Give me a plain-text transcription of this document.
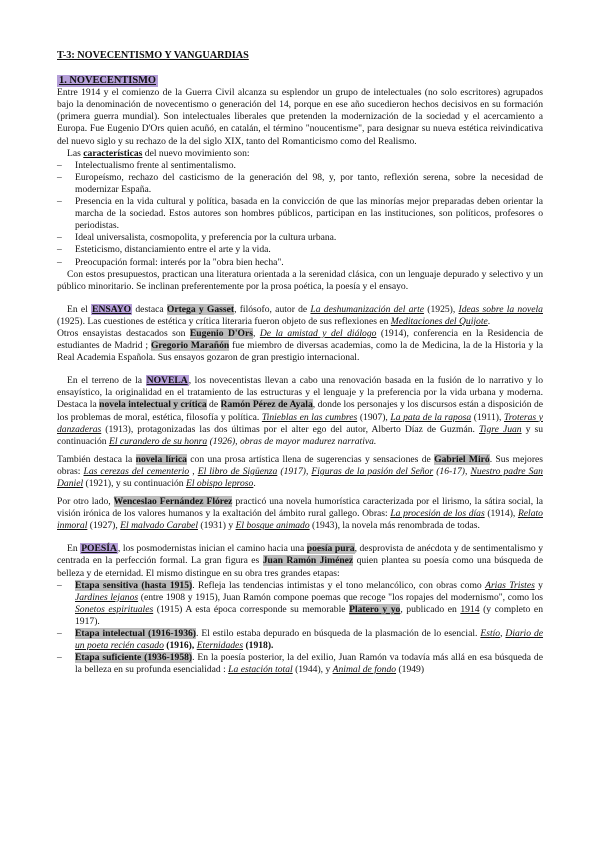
T-3: NOVECENTISMO Y VANGUARDIAS
1. NOVECENTISMO

Entre 1914 y el comienzo de la Guerra Civil alcanza su esplendor un grupo de intelectuales (no solo escritores) agrupados bajo la denominación de novecentismo o generación del 14, porque en ese año sucedieron hechos decisivos en su formación (primera guerra mundial). Son intelectuales liberales que pretenden la modernización de la sociedad y el acercamiento a Europa. Fue Eugenio D'Ors quien acuñó, en catalán, el término "noucentisme", para designar su nueva estética reivindicativa del nuevo siglo y su rechazo de la del siglo XIX, tanto del Romanticismo como del Realismo.

Las características del nuevo movimiento son:

–	Intelectualismo frente al sentimentalismo.
–	Europeísmo, rechazo del casticismo de la generación del 98, y, por tanto, reflexión serena, sobre la necesidad de modernizar España.
–	Presencia en la vida cultural y política, basada en la convicción de que las minorías mejor preparadas deben orientar la marcha de la sociedad. Estos autores son hombres públicos, participan en las instituciones, son políticos, profesores o periodistas.
–	Ideal universalista, cosmopolita, y preferencia por la cultura urbana.
–	Esteticismo, distanciamiento entre el arte y la vida.
–	Preocupación formal: interés por la "obra bien hecha".

Con estos presupuestos, practican una literatura orientada a la serenidad clásica, con un lenguaje depurado y selectivo y un público minoritario. Se inclinan preferentemente por la prosa poética, la poesía y el ensayo.

En el ENSAYO destaca Ortega y Gasset, filósofo, autor de La deshumanización del arte (1925), Ideas sobre la novela (1925). Las cuestiones de estética y crítica literaria fueron objeto de sus reflexiones en Meditaciones del Quijote.

Otros ensayistas destacados son Eugenio D'Ors, De la amistad y del diálogo (1914), conferencia en la Residencia de estudiantes de Madrid ; Gregorio Marañón fue miembro de diversas academias, como la de Medicina, la de la Historia y la Real Academia Española. Sus ensayos gozaron de gran prestigio internacional.

En el terreno de la NOVELA, los novecentistas llevan a cabo una renovación basada en la fusión de lo narrativo y lo ensayístico, la originalidad en el tratamiento de las estructuras y el lenguaje y la preferencia por la vida urbana y moderna. Destaca la novela intelectual y crítica de Ramón Pérez de Ayala, donde los personajes y los discursos están a disposición de los problemas de moral, estética, filosofía y política. Tinieblas en las cumbres (1907), La pata de la raposa (1911), Troteras y danzaderas (1913), protagonizadas las dos últimas por el alter ego del autor, Alberto Díaz de Guzmán. Tigre Juan y su continuación El curandero de su honra (1926), obras de mayor madurez narrativa.

También destaca la novela lírica con una prosa artística llena de sugerencias y sensaciones de Gabriel Miró. Sus mejores obras: Las cerezas del cementerio , El libro de Sigüenza (1917), Figuras de la pasión del Señor (16-17), Nuestro padre San Daniel (1921), y su continuación El obispo leproso.

Por otro lado, Wenceslao Fernández Flórez practicó una novela humorística caracterizada por el lirismo, la sátira social, la visión irónica de los valores humanos y la exaltación del ámbito rural gallego. Obras: La procesión de los días (1914), Relato inmoral (1927), El malvado Carabel (1931) y El bosque animado (1943), la novela más renombrada de todas.

En POESÍA, los posmodernistas inician el camino hacia una poesía pura, desprovista de anécdota y de sentimentalismo y centrada en la perfección formal. La gran figura es Juan Ramón Jiménez quien plantea su poesía como una búsqueda de belleza y de eternidad. El mismo distingue en su obra tres grandes etapas:

–	Etapa sensitiva (hasta 1915). Refleja las tendencias intimistas y el tono melancólico, con obras como Arias Tristes y Jardines lejanos (entre 1908 y 1915), Juan Ramón compone poemas que recoge "los ropajes del modernismo", como los Sonetos espirituales (1915) A esta época corresponde su memorable Platero y yo, publicado en 1914 (y completo en 1917).
–	Etapa intelectual (1916-1936). El estilo estaba depurado en búsqueda de la plasmación de lo esencial. Estío, Diario de un poeta recién casado (1916), Eternidades (1918).
–	Etapa suficiente (1936-1958). En la poesía posterior, la del exilio, Juan Ramón va todavía más allá en esa búsqueda de la belleza en su profunda esencialidad : La estación total (1944), y Animal de fondo (1949)
